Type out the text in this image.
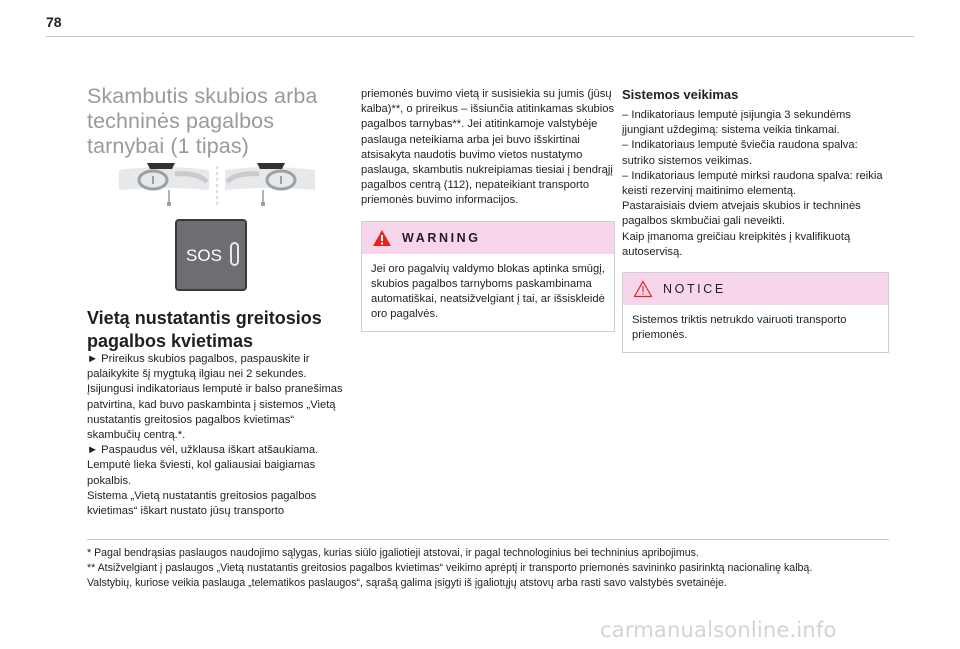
78
Skambutis skubios arba techninės pagalbos tarnybai (1 tipas)
SOS
Vietą nustatantis greitosios pagalbos kvietimas

► Prireikus skubios pagalbos, paspauskite ir palaikykite šį mygtuką ilgiau nei 2 sekundes.

Įsijungusi indikatoriaus lemputė ir balso pranešimas patvirtina, kad buvo paskambinta į sistemos „Vietą nustatantis greitosios pagalbos kvietimas“ skambučių centrą.*.

► Paspaudus vėl, užklausa iškart atšaukiama.

Lemputė lieka šviesti, kol galiausiai baigiamas pokalbis.

Sistema „Vietą nustatantis greitosios pagalbos kvietimas“ iškart nustato jūsų transporto

priemonės buvimo vietą ir susisiekia su jumis (jūsų kalba)**, o prireikus – išsiunčia atitinkamas skubios pagalbos tarnybas**. Jei atitinkamoje valstybėje paslauga neteikiama arba jei buvo išskirtinai atsisakyta naudotis buvimo vietos nustatymo paslauga, skambutis nukreipiamas tiesiai į bendrąjį pagalbos centrą (112), nepateikiant transporto priemonės buvimo informacijos.

WARNING
Jei oro pagalvių valdymo blokas aptinka smūgį, skubios pagalbos tarnyboms paskambinama automatiškai, neatsižvelgiant į tai, ar išsiskleidė oro pagalvės.

Sistemos veikimas

– Indikatoriaus lemputė įsijungia 3 sekundėms įjungiant uždegimą: sistema veikia tinkamai.

– Indikatoriaus lemputė šviečia raudona spalva: sutriko sistemos veikimas.

– Indikatoriaus lemputė mirksi raudona spalva: reikia keisti rezervinį maitinimo elementą.

Pastaraisiais dviem atvejais skubios ir techninės pagalbos skmbučiai gali neveikti.

Kaip įmanoma greičiau kreipkitės į kvalifikuotą autoservisą.

NOTICE
Sistemos triktis netrukdo vairuoti transporto priemonės.

* Pagal bendrąsias paslaugos naudojimo sąlygas, kurias siūlo įgaliotieji atstovai, ir pagal technologinius bei techninius apribojimus.

** Atsižvelgiant į paslaugos „Vietą nustatantis greitosios pagalbos kvietimas“ veikimo aprėptį ir transporto priemonės savininko pasirinktą nacionalinę kalbą.

Valstybių, kuriose veikia paslauga „telematikos paslaugos“, sąrašą galima įsigyti iš įgaliotųjų atstovų arba rasti savo valstybės svetainėje.

carmanualsonline.info
